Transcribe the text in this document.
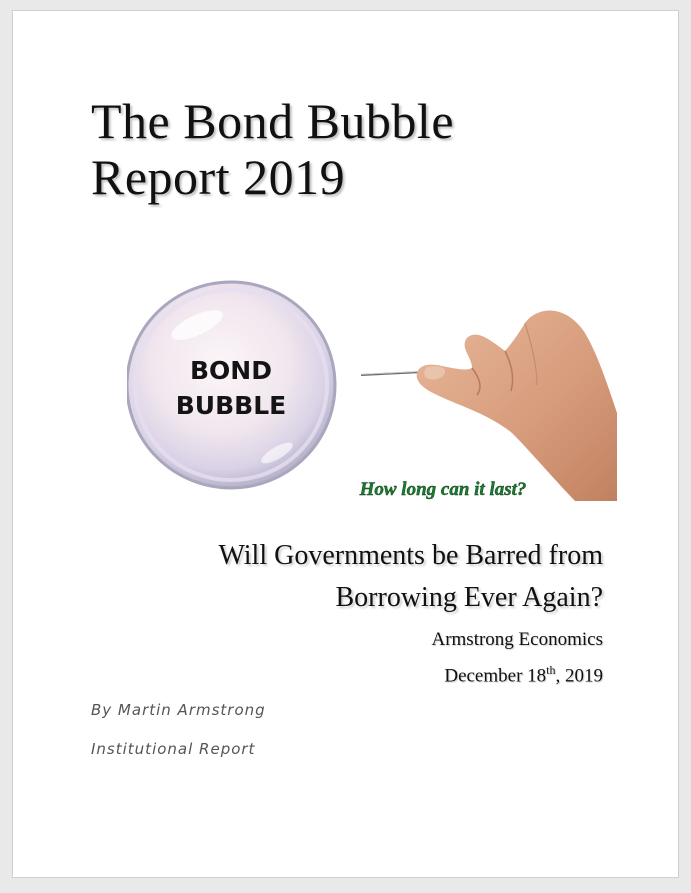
The Bond Bubble
Report 2019
BOND
BUBBLE
How long can it last?
Will Governments be Barred from
Borrowing Ever Again?
Armstrong Economics
December 18th, 2019
By Martin Armstrong
Institutional Report
